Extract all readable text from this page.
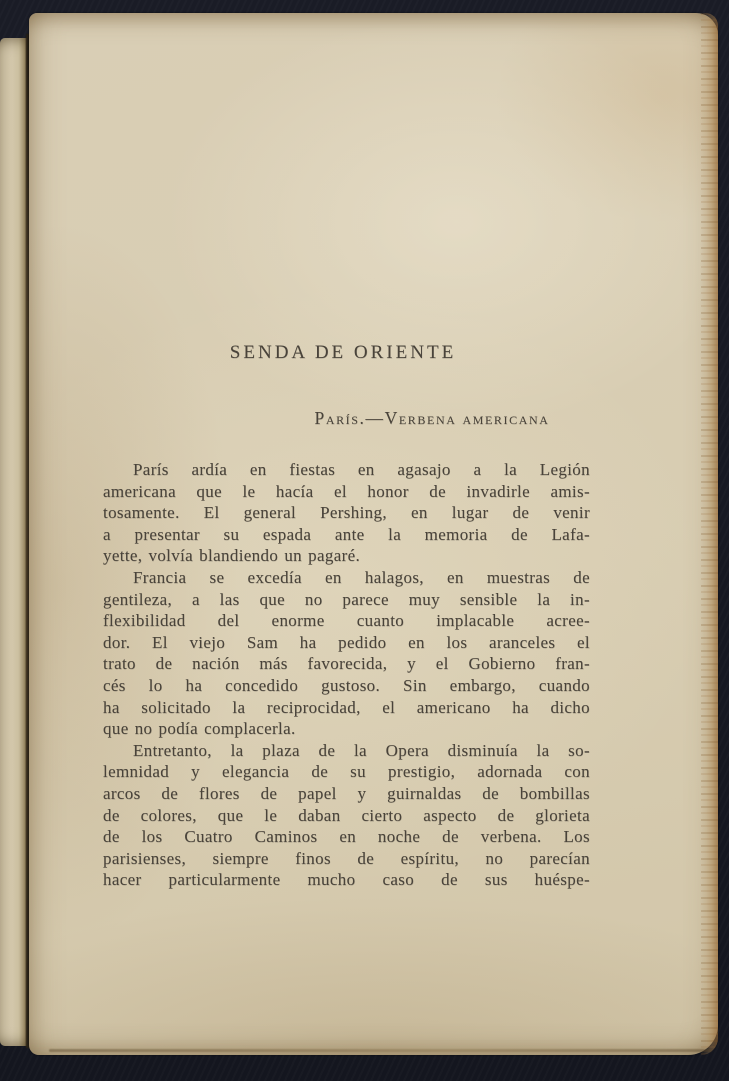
SENDA DE ORIENTE
París.—Verbena americana
París ardía en fiestas en agasajo a la Legión
americana que le hacía el honor de invadirle amis-
tosamente. El general Pershing, en lugar de venir
a presentar su espada ante la memoria de Lafa-
yette, volvía blandiendo un pagaré.
Francia se excedía en halagos, en muestras de
gentileza, a las que no parece muy sensible la in-
flexibilidad del enorme cuanto implacable acree-
dor. El viejo Sam ha pedido en los aranceles el
trato de nación más favorecida, y el Gobierno fran-
cés lo ha concedido gustoso. Sin embargo, cuando
ha solicitado la reciprocidad, el americano ha dicho
que no podía complacerla.
Entretanto, la plaza de la Opera disminuía la so-
lemnidad y elegancia de su prestigio, adornada con
arcos de flores de papel y guirnaldas de bombillas
de colores, que le daban cierto aspecto de glorieta
de los Cuatro Caminos en noche de verbena. Los
parisienses, siempre finos de espíritu, no parecían
hacer particularmente mucho caso de sus huéspe-
